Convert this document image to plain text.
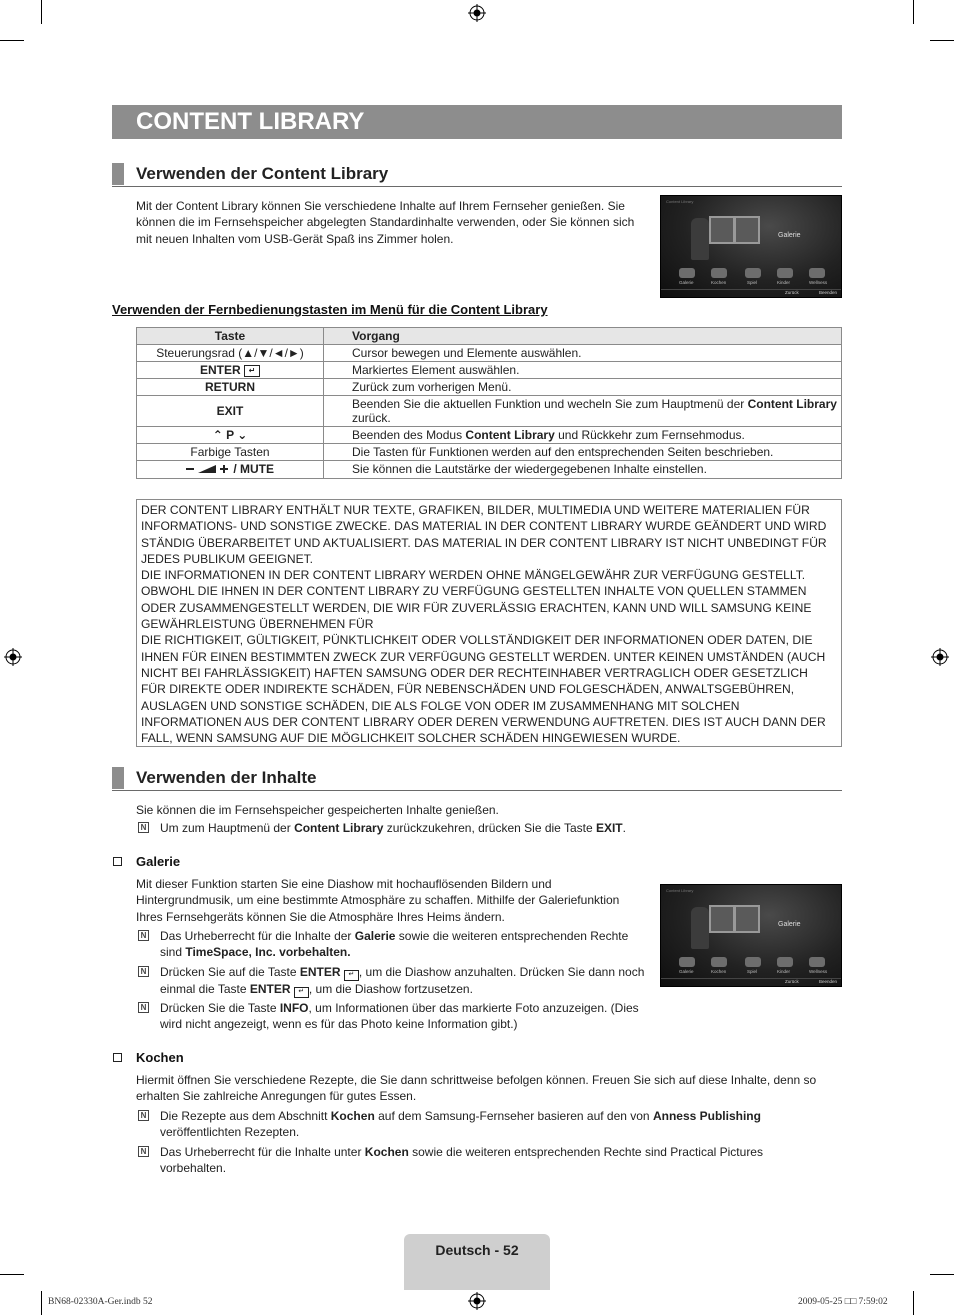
CONTENT LIBRARY
Verwenden der Content Library
Mit der Content Library können Sie verschiedene Inhalte auf Ihrem Fernseher genießen. Sie
können die im Fernsehspeicher abgelegten Standardinhalte verwenden, oder Sie können sich
mit neuen Inhalten vom USB-Gerät Spaß ins Zimmer holen.
Content Library
Galerie
Galerie	Kochen	Spiel	Kinder	Wellness
Zurück	Beenden
Verwenden der Fernbedienungstasten im Menü für die Content Library
Taste	Vorgang
Steuerungsrad (▲/▼/◄/►)	Cursor bewegen und Elemente auswählen.
ENTER ↵	Markiertes Element auswählen.
RETURN	Zurück zum vorherigen Menü.
EXIT	Beenden Sie die aktuellen Funktion und wecheln Sie zum Hauptmenü der Content Library zurück.
⌃ P ⌄	Beenden des Modus Content Library und Rückkehr zum Fernsehmodus.
Farbige Tasten	Die Tasten für Funktionen werden auf den entsprechenden Seiten beschrieben.
/ MUTE	Sie können die Lautstärke der wiedergegebenen Inhalte einstellen.
DER CONTENT LIBRARY ENTHÄLT NUR TEXTE, GRAFIKEN, BILDER, MULTIMEDIA UND WEITERE MATERIALIEN FÜR
INFORMATIONS- UND SONSTIGE ZWECKE. DAS MATERIAL IN DER CONTENT LIBRARY WURDE GEÄNDERT UND WIRD
STÄNDIG ÜBERARBEITET UND AKTUALISIERT. DAS MATERIAL IN DER CONTENT LIBRARY IST NICHT UNBEDINGT FÜR
JEDES PUBLIKUM GEEIGNET.
DIE INFORMATIONEN IN DER CONTENT LIBRARY WERDEN OHNE MÄNGELGEWÄHR ZUR VERFÜGUNG GESTELLT.
OBWOHL DIE IHNEN IN DER CONTENT LIBRARY ZU VERFÜGUNG GESTELLTEN INHALTE VON QUELLEN STAMMEN
ODER ZUSAMMENGESTELLT WERDEN, DIE WIR FÜR ZUVERLÄSSIG ERACHTEN, KANN UND WILL SAMSUNG KEINE
GEWÄHRLEISTUNG ÜBERNEHMEN FÜR
DIE RICHTIGKEIT, GÜLTIGKEIT, PÜNKTLICHKEIT ODER VOLLSTÄNDIGKEIT DER INFORMATIONEN ODER DATEN, DIE
IHNEN FÜR EINEN BESTIMMTEN ZWECK ZUR VERFÜGUNG GESTELLT WERDEN. UNTER KEINEN UMSTÄNDEN (AUCH
NICHT BEI FAHRLÄSSIGKEIT) HAFTEN SAMSUNG ODER DER RECHTEINHABER VERTRAGLICH ODER GESETZLICH
FÜR DIREKTE ODER INDIREKTE SCHÄDEN, FÜR NEBENSCHÄDEN UND FOLGESCHÄDEN, ANWALTSGEBÜHREN,
AUSLAGEN UND SONSTIGE SCHÄDEN, DIE ALS FOLGE VON ODER IM ZUSAMMENHANG MIT SOLCHEN
INFORMATIONEN AUS DER CONTENT LIBRARY ODER DEREN VERWENDUNG AUFTRETEN. DIES IST AUCH DANN DER
FALL, WENN SAMSUNG AUF DIE MÖGLICHKEIT SOLCHER SCHÄDEN HINGEWIESEN WURDE.
Verwenden der Inhalte
Sie können die im Fernsehspeicher gespeicherten Inhalte genießen.
N Um zum Hauptmenü der Content Library zurückzukehren, drücken Sie die Taste EXIT.
Galerie
Mit dieser Funktion starten Sie eine Diashow mit hochauflösenden Bildern und
Hintergrundmusik, um eine bestimmte Atmosphäre zu schaffen. Mithilfe der Galeriefunktion
Ihres Fernsehgeräts können Sie die Atmosphäre Ihres Heims ändern.
N Das Urheberrecht für die Inhalte der Galerie sowie die weiteren entsprechenden Rechte
sind TimeSpace, Inc. vorbehalten.
N Drücken Sie auf die Taste ENTER ↵ , um die Diashow anzuhalten. Drücken Sie dann noch
einmal die Taste ENTER ↵ , um die Diashow fortzusetzen.
N Drücken Sie die Taste INFO, um Informationen über das markierte Foto anzuzeigen. (Dies
wird nicht angezeigt, wenn es für das Photo keine Information gibt.)
Content Library
Galerie
Galerie	Kochen	Spiel	Kinder	Wellness
Zurück	Beenden
Kochen
Hiermit öffnen Sie verschiedene Rezepte, die Sie dann schrittweise befolgen können. Freuen Sie sich auf diese Inhalte, denn so
erhalten Sie zahlreiche Anregungen für gutes Essen.
N Die Rezepte aus dem Abschnitt Kochen auf dem Samsung-Fernseher basieren auf den von Anness Publishing
veröffentlichten Rezepten.
N Das Urheberrecht für die Inhalte unter Kochen sowie die weiteren entsprechenden Rechte sind Practical Pictures
vorbehalten.
Deutsch - 52
BN68-02330A-Ger.indb 52	2009-05-25 □□ 7:59:02
